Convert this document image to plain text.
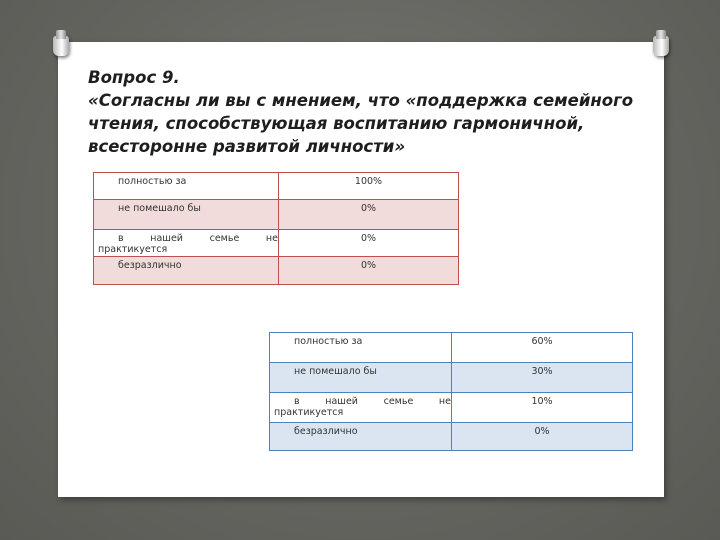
Вопрос 9.
«Согласны ли вы с мнением, что «поддержка семейного
чтения, способствующая воспитанию гармоничной,
всесторонне развитой личности»
полностью за	100%
не помешало бы	0%

в нашей семье не
практикуется	0%
безразлично	0%
полностью за	60%
не помешало бы	30%

в нашей семье не
практикуется	10%
безразлично	0%
